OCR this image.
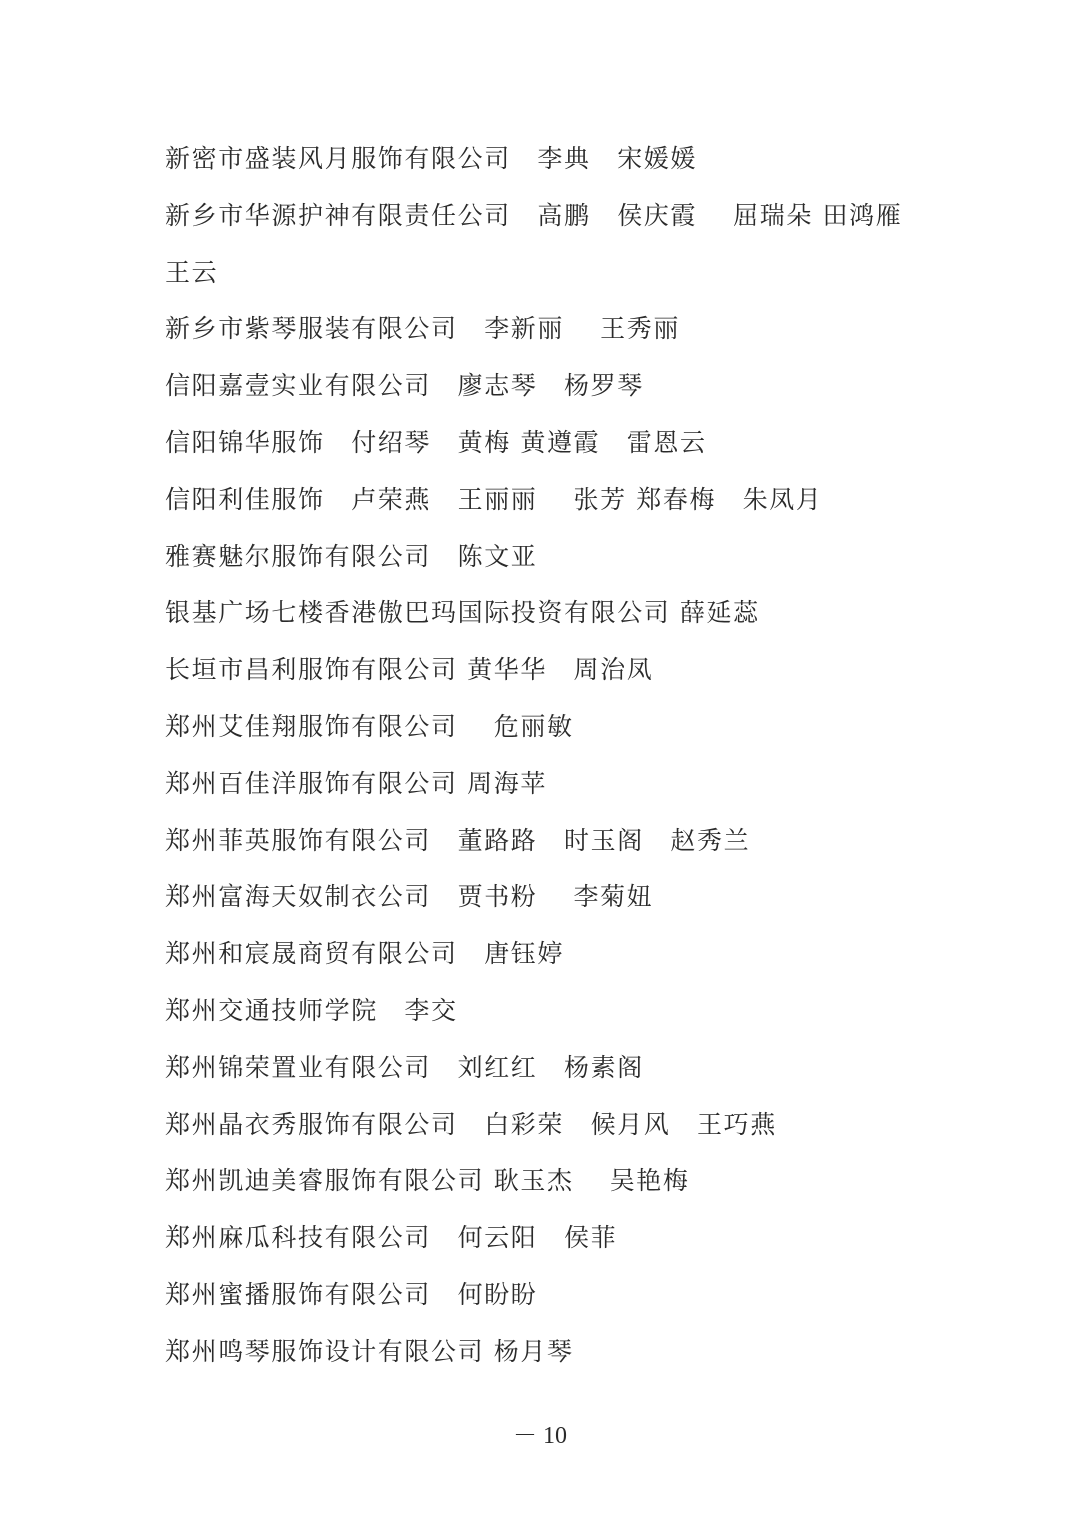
新密市盛装风月服饰有限公司　李典　宋媛媛
新乡市华源护神有限责任公司　高鹏　侯庆霞　 屈瑞朵 田鸿雁
王云
新乡市紫琴服装有限公司　李新丽　 王秀丽
信阳嘉壹实业有限公司　廖志琴　杨罗琴
信阳锦华服饰　付绍琴　黄梅 黄遵霞　雷恩云
信阳利佳服饰　卢荣燕　王丽丽　 张芳 郑春梅　朱凤月
雅赛魅尔服饰有限公司　陈文亚
银基广场七楼香港傲巴玛国际投资有限公司 薛延蕊
长垣市昌利服饰有限公司 黄华华　周治凤
郑州艾佳翔服饰有限公司　 危丽敏
郑州百佳洋服饰有限公司 周海苹
郑州菲英服饰有限公司　董路路　时玉阁　赵秀兰
郑州富海天奴制衣公司　贾书粉　 李菊妞
郑州和宸晟商贸有限公司　唐钰婷
郑州交通技师学院　李交
郑州锦荣置业有限公司　刘红红　杨素阁
郑州晶衣秀服饰有限公司　白彩荣　候月风　王巧燕
郑州凯迪美睿服饰有限公司 耿玉杰　 吴艳梅
郑州麻瓜科技有限公司　何云阳　侯菲
郑州蜜播服饰有限公司　何盼盼
郑州鸣琴服饰设计有限公司 杨月琴
－ 10
